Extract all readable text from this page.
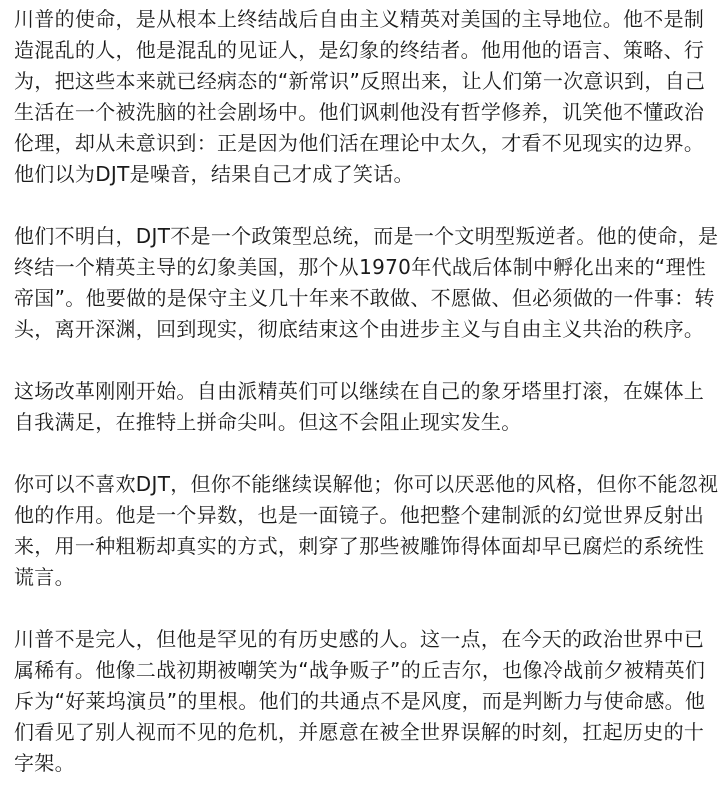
川普的使命，是从根本上终结战后自由主义精英对美国的主导地位。他不是制造混乱的人，他是混乱的见证人，是幻象的终结者。他用他的语言、策略、行为，把这些本来就已经病态的“新常识”反照出来，让人们第一次意识到，自己生活在一个被洗脑的社会剧场中。他们讽刺他没有哲学修养，讥笑他不懂政治伦理，却从未意识到：正是因为他们活在理论中太久，才看不见现实的边界。他们以为DJT是噪音，结果自己才成了笑话。

他们不明白，DJT不是一个政策型总统，而是一个文明型叛逆者。他的使命，是终结一个精英主导的幻象美国，那个从1970年代战后体制中孵化出来的“理性帝国”。他要做的是保守主义几十年来不敢做、不愿做、但必须做的一件事：转头，离开深渊，回到现实，彻底结束这个由进步主义与自由主义共治的秩序。

这场改革刚刚开始。自由派精英们可以继续在自己的象牙塔里打滚，在媒体上自我满足，在推特上拼命尖叫。但这不会阻止现实发生。

你可以不喜欢DJT，但你不能继续误解他；你可以厌恶他的风格，但你不能忽视他的作用。他是一个异数，也是一面镜子。他把整个建制派的幻觉世界反射出来，用一种粗粝却真实的方式，刺穿了那些被雕饰得体面却早已腐烂的系统性谎言。

川普不是完人，但他是罕见的有历史感的人。这一点，在今天的政治世界中已属稀有。他像二战初期被嘲笑为“战争贩子”的丘吉尔，也像冷战前夕被精英们斥为“好莱坞演员”的里根。他们的共通点不是风度，而是判断力与使命感。他们看见了别人视而不见的危机，并愿意在被全世界误解的时刻，扛起历史的十字架。
